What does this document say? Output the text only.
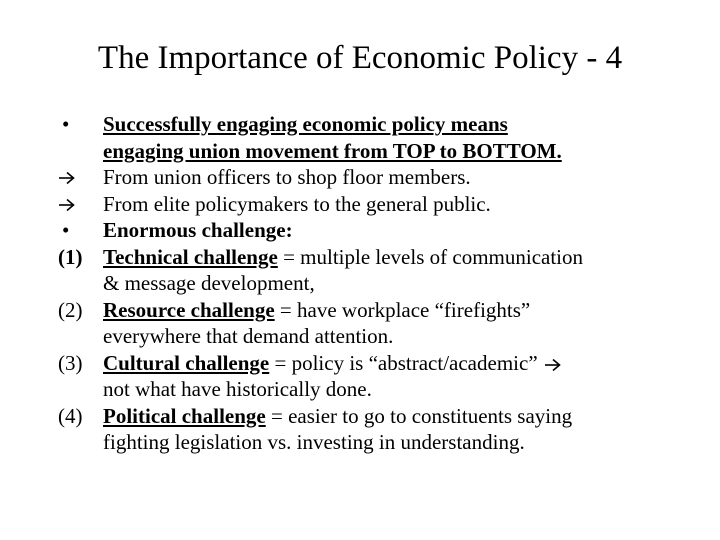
The Importance of Economic Policy - 4
• Successfully engaging economic policy means
engaging union movement from TOP to BOTTOM.
From union officers to shop floor members.
From elite policymakers to the general public.
• Enormous challenge:
(1) Technical challenge = multiple levels of communication
& message development,
(2) Resource challenge = have workplace “firefights”
everywhere that demand attention.
(3) Cultural challenge = policy is “abstract/academic”
not what have historically done.
(4) Political challenge = easier to go to constituents saying
fighting legislation vs. investing in understanding.
